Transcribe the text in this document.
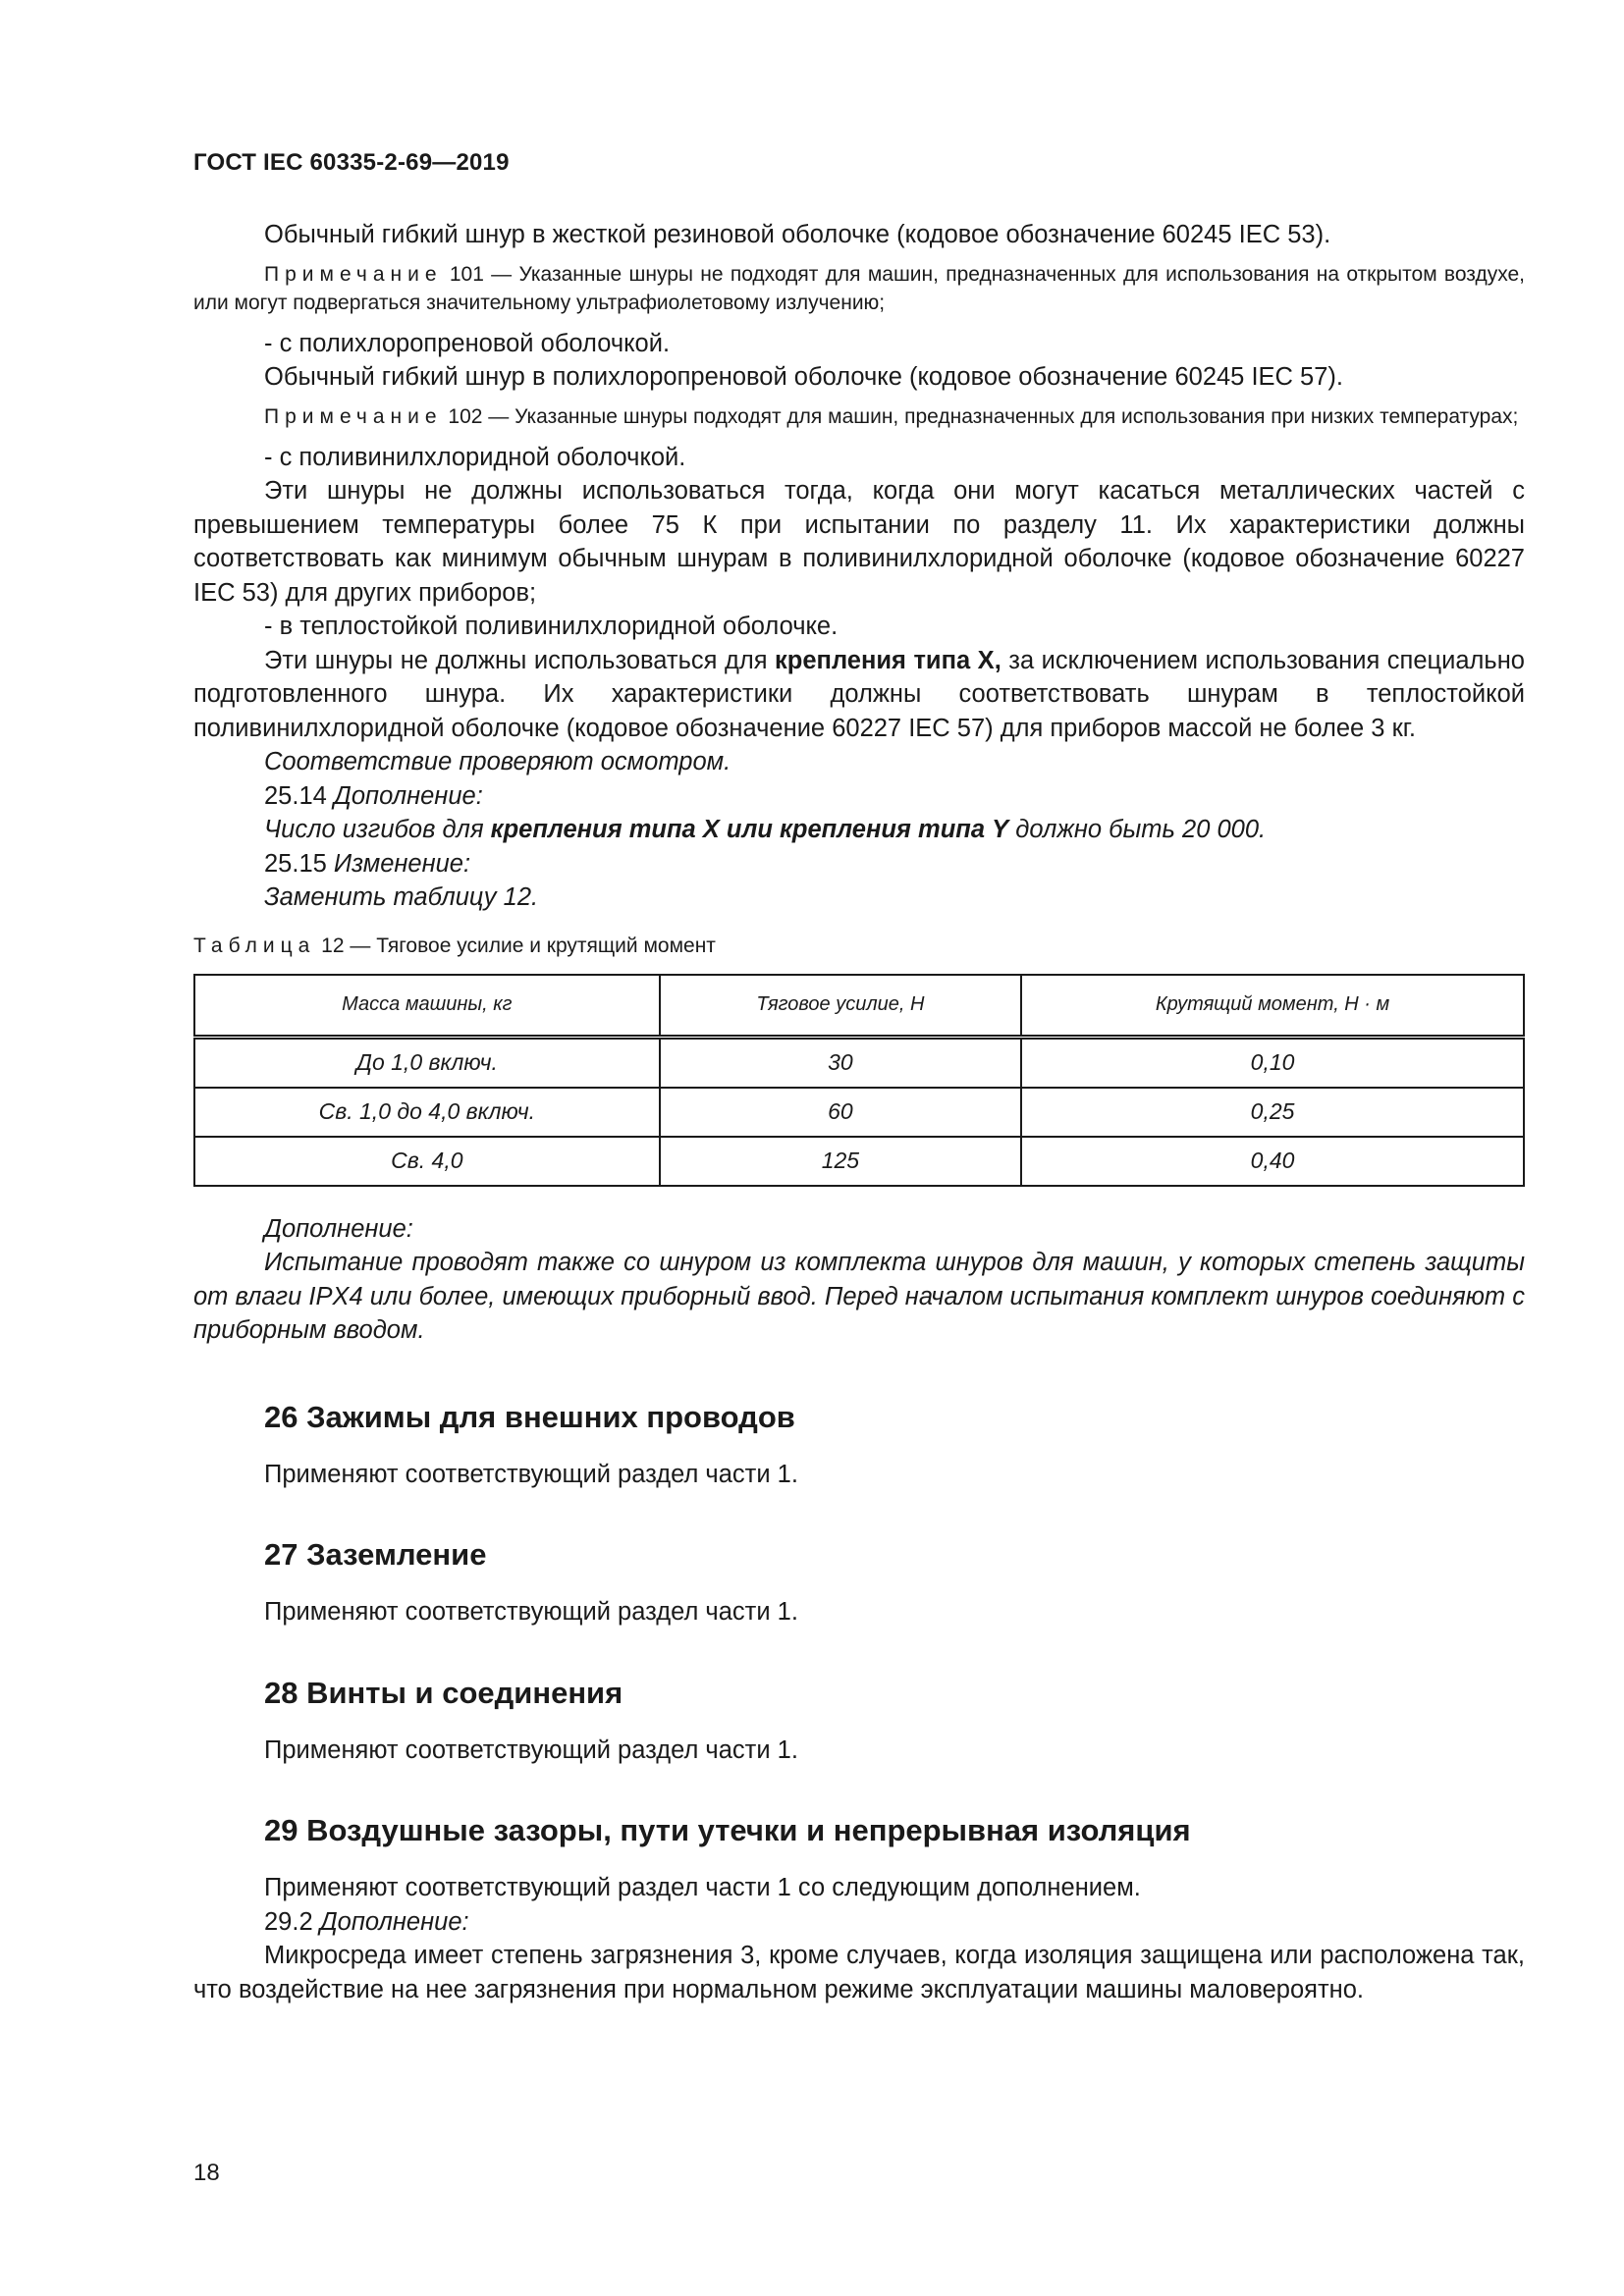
ГОСТ IEC 60335-2-69—2019

Обычный гибкий шнур в жесткой резиновой оболочке (кодовое обозначение 60245 IEC 53).

Примечание 101 — Указанные шнуры не подходят для машин, предназначенных для использования на открытом воздухе, или могут подвергаться значительному ультрафиолетовому излучению;

- с полихлоропреновой оболочкой.

Обычный гибкий шнур в полихлоропреновой оболочке (кодовое обозначение 60245 IEC 57).

Примечание 102 — Указанные шнуры подходят для машин, предназначенных для использования при низких температурах;

- с поливинилхлоридной оболочкой.

Эти шнуры не должны использоваться тогда, когда они могут касаться металлических частей с превышением температуры более 75 К при испытании по разделу 11. Их характеристики должны соответствовать как минимум обычным шнурам в поливинилхлоридной оболочке (кодовое обозначение 60227 IEC 53) для других приборов;

- в теплостойкой поливинилхлоридной оболочке.

Эти шнуры не должны использоваться для крепления типа Х, за исключением использования специально подготовленного шнура. Их характеристики должны соответствовать шнурам в теплостойкой поливинилхлоридной оболочке (кодовое обозначение 60227 IEC 57) для приборов массой не более 3 кг.

Соответствие проверяют осмотром.

25.14 Дополнение:

Число изгибов для крепления типа Х или крепления типа Y должно быть 20 000.

25.15 Изменение:

Заменить таблицу 12.

Таблица 12 — Тяговое усилие и крутящий момент

Масса машины, кг	Тяговое усилие, Н	Крутящий момент, Н · м
До 1,0 включ.	30	0,10
Св. 1,0 до 4,0 включ.	60	0,25
Св. 4,0	125	0,40

Дополнение:

Испытание проводят также со шнуром из комплекта шнуров для машин, у которых степень защиты от влаги IPX4 или более, имеющих приборный ввод. Перед началом испытания комплект шнуров соединяют с приборным вводом.

26 Зажимы для внешних проводов

Применяют соответствующий раздел части 1.

27 Заземление

Применяют соответствующий раздел части 1.

28 Винты и соединения

Применяют соответствующий раздел части 1.

29 Воздушные зазоры, пути утечки и непрерывная изоляция

Применяют соответствующий раздел части 1 со следующим дополнением.

29.2 Дополнение:

Микросреда имеет степень загрязнения 3, кроме случаев, когда изоляция защищена или расположена так, что воздействие на нее загрязнения при нормальном режиме эксплуатации машины маловероятно.

18
